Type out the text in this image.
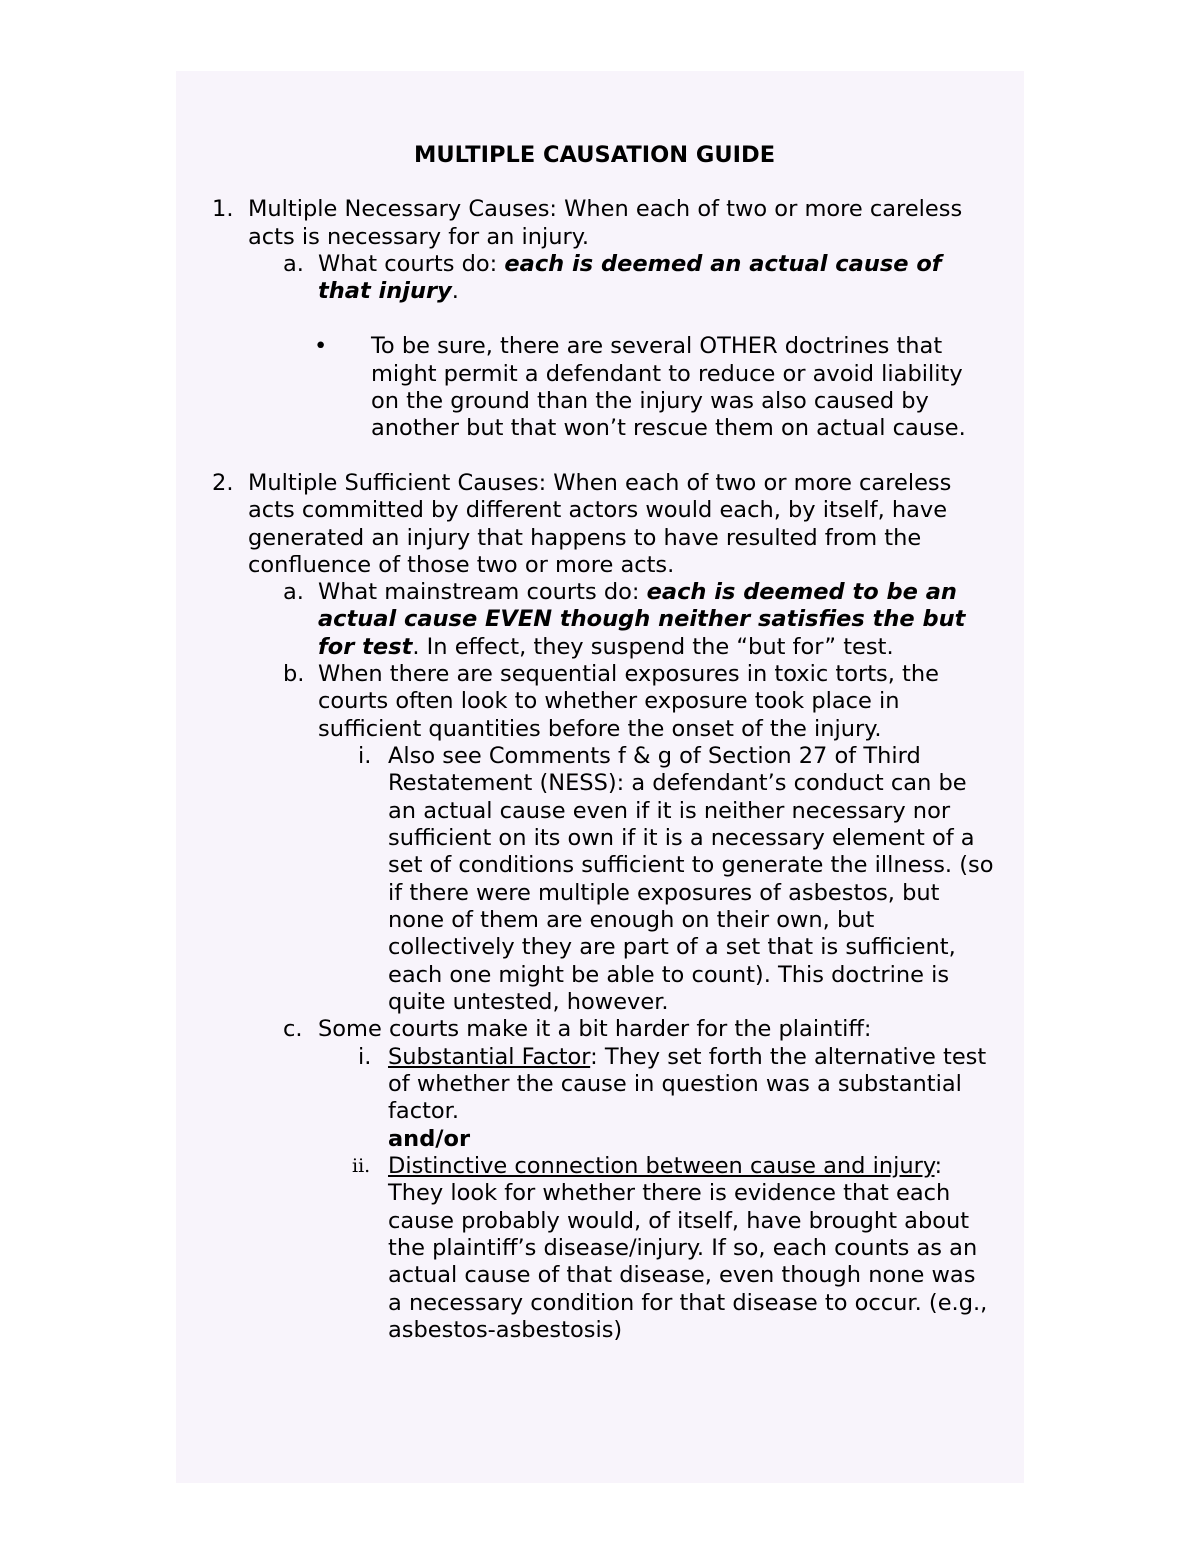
MULTIPLE CAUSATION GUIDE
1. Multiple Necessary Causes: When each of two or more careless
acts is necessary for an injury.
a. What courts do: each is deemed an actual cause of
that injury.
• To be sure, there are several OTHER doctrines that
might permit a defendant to reduce or avoid liability
on the ground than the injury was also caused by
another but that won’t rescue them on actual cause.
2. Multiple Sufficient Causes: When each of two or more careless
acts committed by different actors would each, by itself, have
generated an injury that happens to have resulted from the
confluence of those two or more acts.
a. What mainstream courts do: each is deemed to be an
actual cause EVEN though neither satisfies the but
for test. In effect, they suspend the “but for” test.
b. When there are sequential exposures in toxic torts, the
courts often look to whether exposure took place in
sufficient quantities before the onset of the injury.
i. Also see Comments f & g of Section 27 of Third
Restatement (NESS): a defendant’s conduct can be
an actual cause even if it is neither necessary nor
sufficient on its own if it is a necessary element of a
set of conditions sufficient to generate the illness. (so
if there were multiple exposures of asbestos, but
none of them are enough on their own, but
collectively they are part of a set that is sufficient,
each one might be able to count). This doctrine is
quite untested, however.
c. Some courts make it a bit harder for the plaintiff:
i. Substantial Factor: They set forth the alternative test
of whether the cause in question was a substantial
factor.
and/or
ii. Distinctive connection between cause and injury:
They look for whether there is evidence that each
cause probably would, of itself, have brought about
the plaintiff’s disease/injury. If so, each counts as an
actual cause of that disease, even though none was
a necessary condition for that disease to occur. (e.g.,
asbestos-asbestosis)
